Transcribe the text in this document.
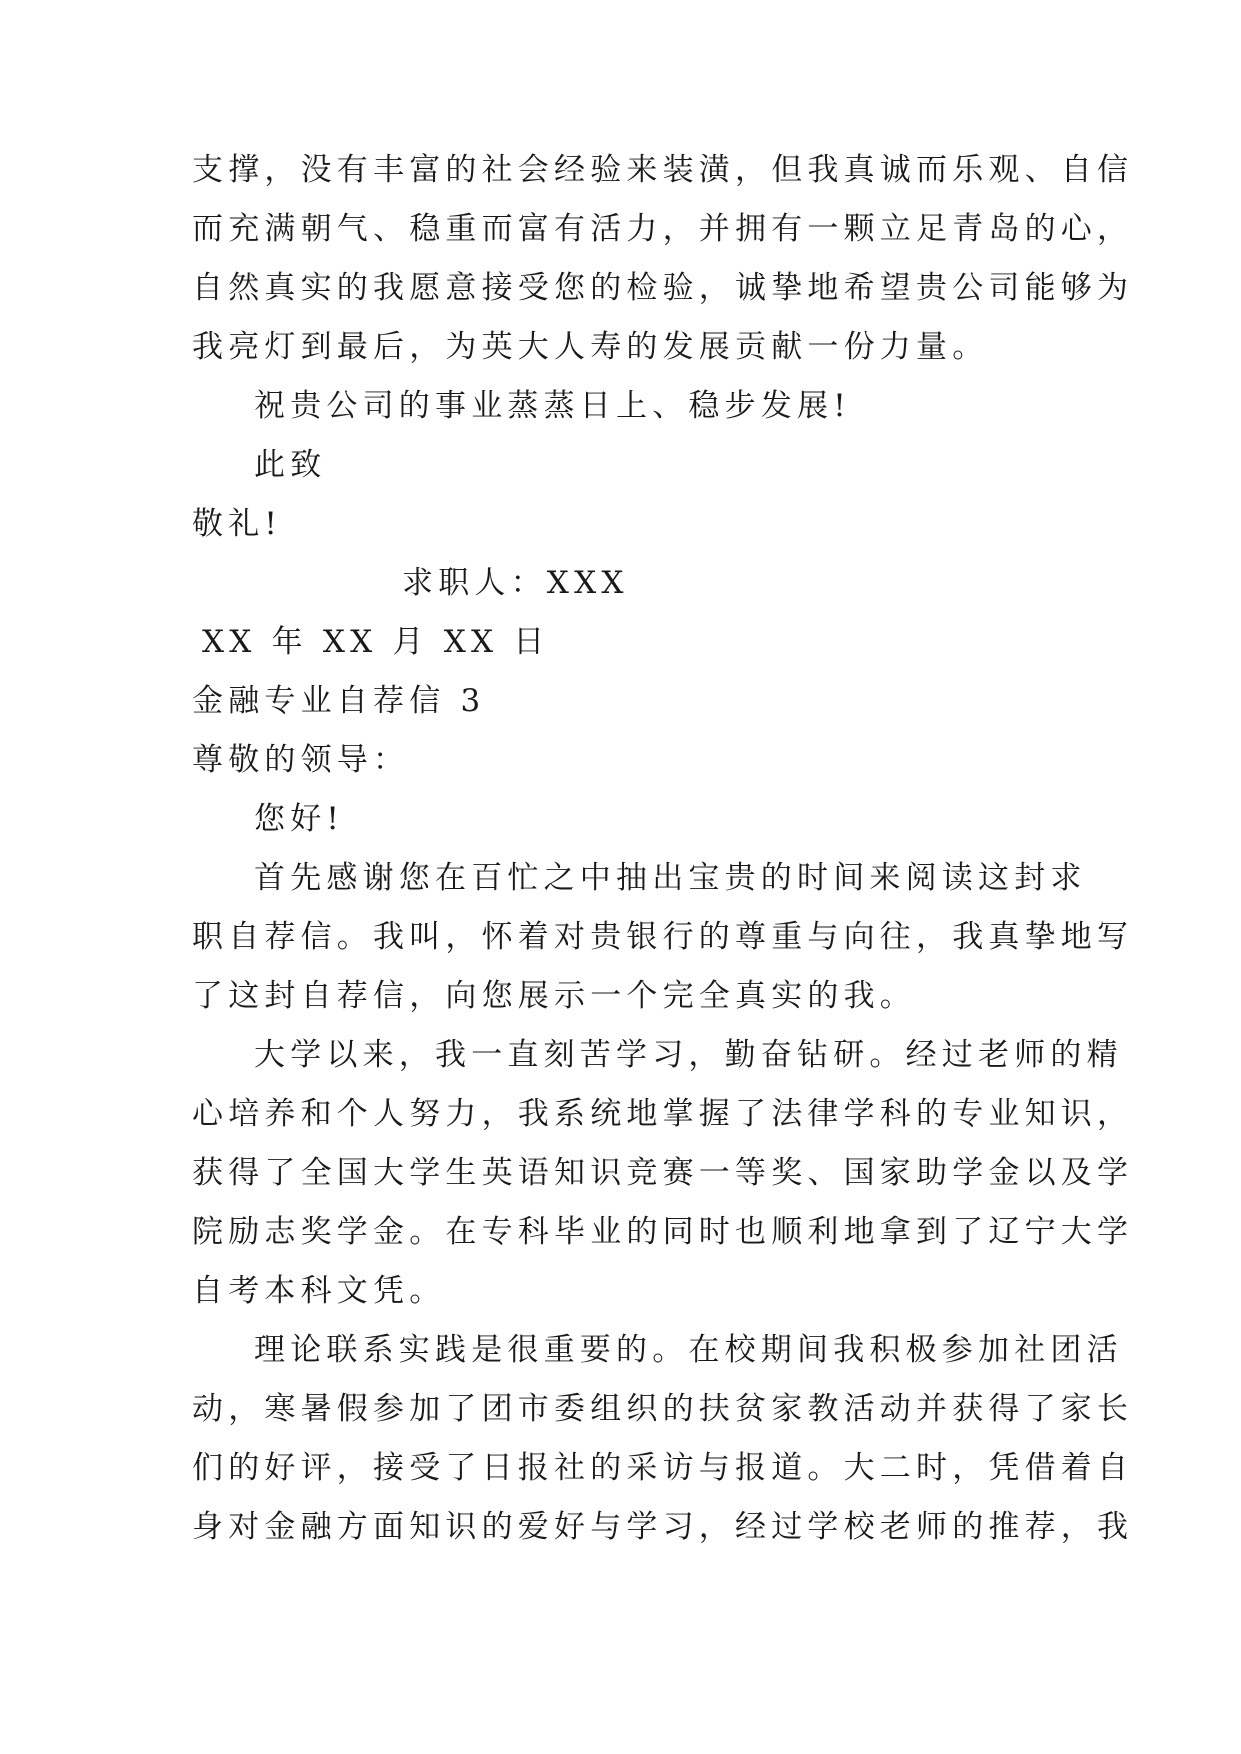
支撑，没有丰富的社会经验来装潢，但我真诚而乐观、自信
而充满朝气、稳重而富有活力，并拥有一颗立足青岛的心，
自然真实的我愿意接受您的检验，诚挚地希望贵公司能够为
我亮灯到最后，为英大人寿的发展贡献一份力量。
祝贵公司的事业蒸蒸日上、稳步发展!
此致
敬礼!
求职人：XXX
XX 年 XX 月 XX 日
金融专业自荐信 3
尊敬的领导：
您好!
首先感谢您在百忙之中抽出宝贵的时间来阅读这封求
职自荐信。我叫，怀着对贵银行的尊重与向往，我真挚地写
了这封自荐信，向您展示一个完全真实的我。
大学以来，我一直刻苦学习，勤奋钻研。经过老师的精
心培养和个人努力，我系统地掌握了法律学科的专业知识，
获得了全国大学生英语知识竞赛一等奖、国家助学金以及学
院励志奖学金。在专科毕业的同时也顺利地拿到了辽宁大学
自考本科文凭。
理论联系实践是很重要的。在校期间我积极参加社团活
动，寒暑假参加了团市委组织的扶贫家教活动并获得了家长
们的好评，接受了日报社的采访与报道。大二时，凭借着自
身对金融方面知识的爱好与学习，经过学校老师的推荐，我
